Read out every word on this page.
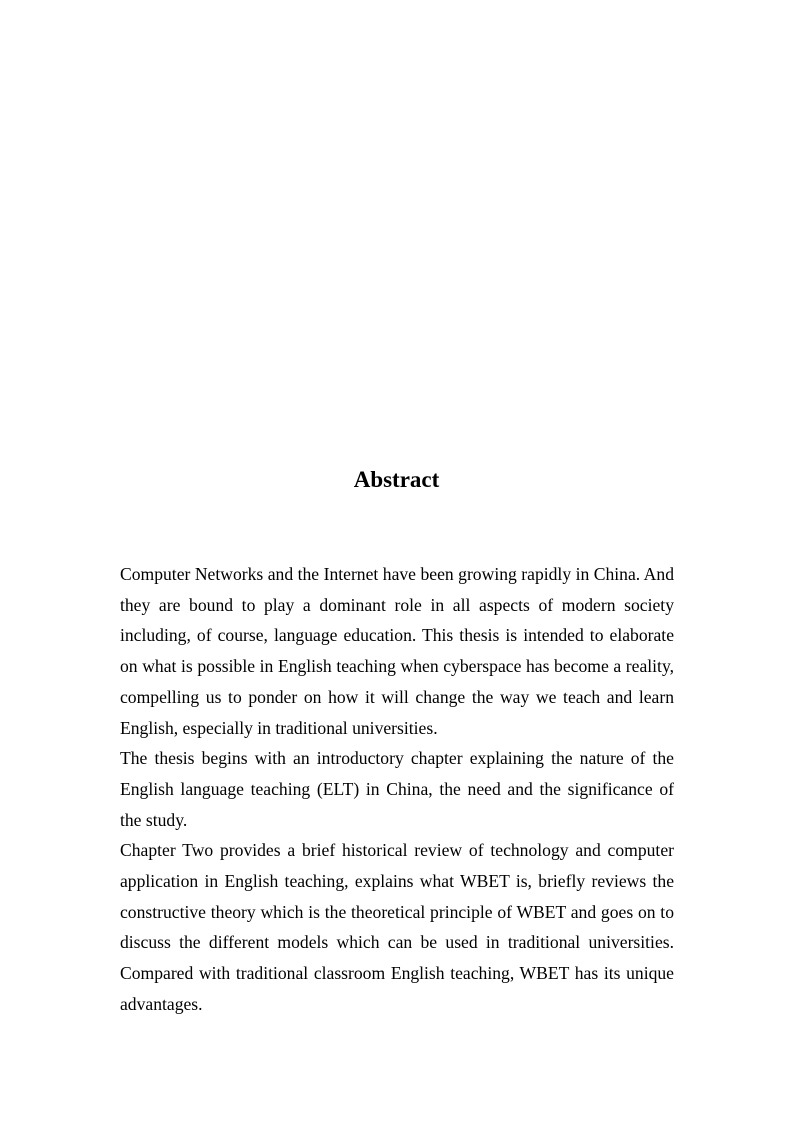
Abstract

Computer Networks and the Internet have been growing rapidly in China. And they are bound to play a dominant role in all aspects of modern society including, of course, language education. This thesis is intended to elaborate on what is possible in English teaching when cyberspace has become a reality, compelling us to ponder on how it will change the way we teach and learn English, especially in traditional universities.

The thesis begins with an introductory chapter explaining the nature of the English language teaching (ELT) in China, the need and the significance of the study.

Chapter Two provides a brief historical review of technology and computer application in English teaching, explains what WBET is, briefly reviews the constructive theory which is the theoretical principle of WBET and goes on to discuss the different models which can be used in traditional universities. Compared with traditional classroom English teaching, WBET has its unique advantages.
